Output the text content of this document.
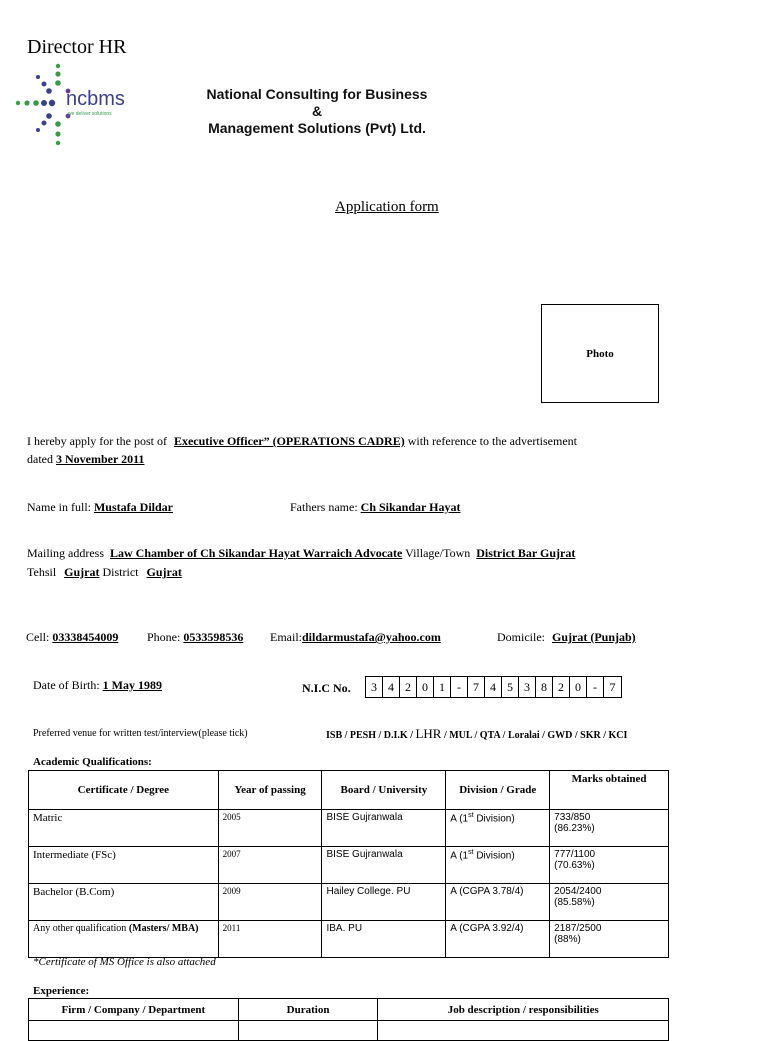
Director HR
ncbms
we deliver solutions
National Consulting for Business
&
Management Solutions (Pvt) Ltd.
Application form
Photo
I hereby apply for the post of Executive Officer” (OPERATIONS CADRE) with reference to the advertisement
dated 3 November 2011
Name in full: Mustafa Dildar	Fathers name: Ch Sikandar Hayat
Mailing address Law Chamber of Ch Sikandar Hayat Warraich Advocate Village/Town District Bar Gujrat
Tehsil Gujrat District Gujrat
Cell: 03338454009 Phone: 0533598536 Email:dildarmustafa@yahoo.com	Domicile: Gujrat (Punjab)
Date of Birth: 1 May 1989	N.I.C No.	3 4 2 0 1	-	7 4 5 3 8 2 0	-	7
Preferred venue for written test/interview(please tick)	ISB / PESH / D.I.K / LHR / MUL / QTA / Loralai / GWD / SKR / KCI
Academic Qualifications:
Certificate / Degree	Year of passing	Board / University	Division / Grade	Marks obtained
Matric	2005	BISE Gujranwala	A (1st Division)	733/850
(86.23%)

Intermediate (FSc)	2007	BISE Gujranwala	A (1st Division)	777/1100
(70.63%)

Bachelor (B.Com)	2009	Hailey College. PU	A (CGPA 3.78/4)	2054/2400
(85.58%)

Any other qualification (Masters/ MBA)	2011	IBA. PU	A (CGPA 3.92/4)	2187/2500
(88%)
*Certificate of MS Office is also attached
Experience:
Firm / Company / Department	Duration	Job description / responsibilities
